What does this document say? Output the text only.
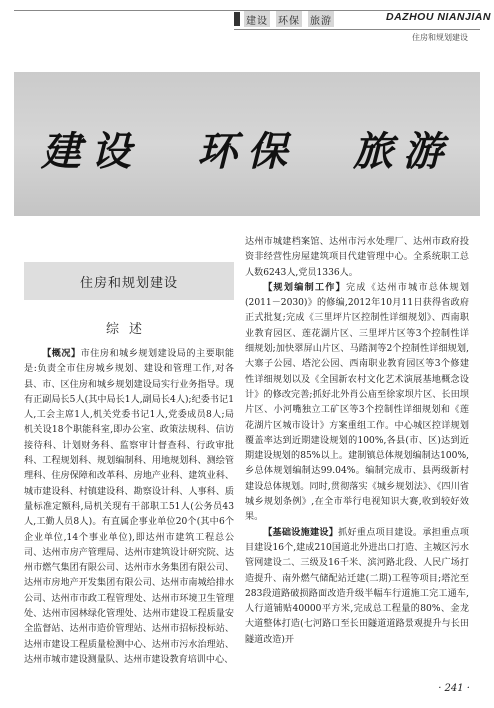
建设 环保 旅游	DAZHOU NIANJIAN
住房和规划建设
建设 环保 旅游
住房和规划建设
综述

【概况】市住房和城乡规划建设局的主要职能是:负责全市住房城乡规划、建设和管理工作,对各县、市、区住房和城乡规划建设局实行业务指导。现有正副局长5人(其中局长1人,副局长4人);纪委书记1人,工会主席1人,机关党委书记1人,党委成员8人;局机关设18个职能科室,即办公室、政策法规科、信访接待科、计划财务科、监察审计督查科、行政审批科、工程规划科、规划编制科、用地规划科、测绘管理科、住房保障和改革科、房地产业科、建筑业科、城市建设科、村镇建设科、勘察设计科、人事科、质量标准定额科,局机关现有干部职工51人(公务员43人,工勤人员8人)。有直属企事业单位20个(其中6个企业单位,14个事业单位),即达州市建筑工程总公司、达州市房产管理局、达州市建筑设计研究院、达州市燃气集团有限公司、达州市水务集团有限公司、达州市房地产开发集团有限公司、达州市南城给排水公司、达州市市政工程管理处、达州市环境卫生管理处、达州市园林绿化管理处、达州市建设工程质量安全监督站、达州市造价管理站、达州市招标投标站、达州市建设工程质量检测中心、达州市污水治理站、达州市城市建设测量队、达州市建设教育培训中心、

达州市城建档案馆、达州市污水处理厂、达州市政府投资非经营性房屋建筑项目代建管理中心。全系统职工总人数6243人,党员1336人。

【规划编制工作】完成《达州市城市总体规划(2011－2030)》的修编,2012年10月11日获得省政府正式批复;完成《三里坪片区控制性详细规划》、西南职业教育园区、莲花湖片区、三里坪片区等3个控制性详细规划;加快翠屏山片区、马踏洞等2个控制性详细规划,大寨子公园、塔沱公园、西南职业教育园区等3个修建性详细规划以及《全国新农村文化艺术演展基地概念设计》的修改完善;抓好北外肖公庙至徐家坝片区、长田坝片区、小河嘴独立工矿区等3个控制性详细规划和《莲花湖片区城市设计》方案重组工作。中心城区控详规划覆盖率达到近期建设规划的100%,各县(市、区)达到近期建设规划的85%以上。建制镇总体规划编制达100%,乡总体规划编制达99.04%。编制完成市、县两级新村建设总体规划。同时,贯彻落实《城乡规划法》、《四川省城乡规划条例》,在全市举行电视知识大赛,收到较好效果。

【基础设施建设】抓好重点项目建设。承担重点项目建设16个,建成210国道北外进出口打造、主城区污水管网建设二、三级及16千米、滨河路北段、人民广场打造提升、南外燃气储配站迁建(二期)工程等项目;塔沱至283段道路破损路面改造升级半幅车行道施工完工通车,人行道铺贴40000平方米,完成总工程量的80%、金龙大道整体打造(七河路口至长田隧道道路景观提升与长田隧道改造)开

· 241 ·
